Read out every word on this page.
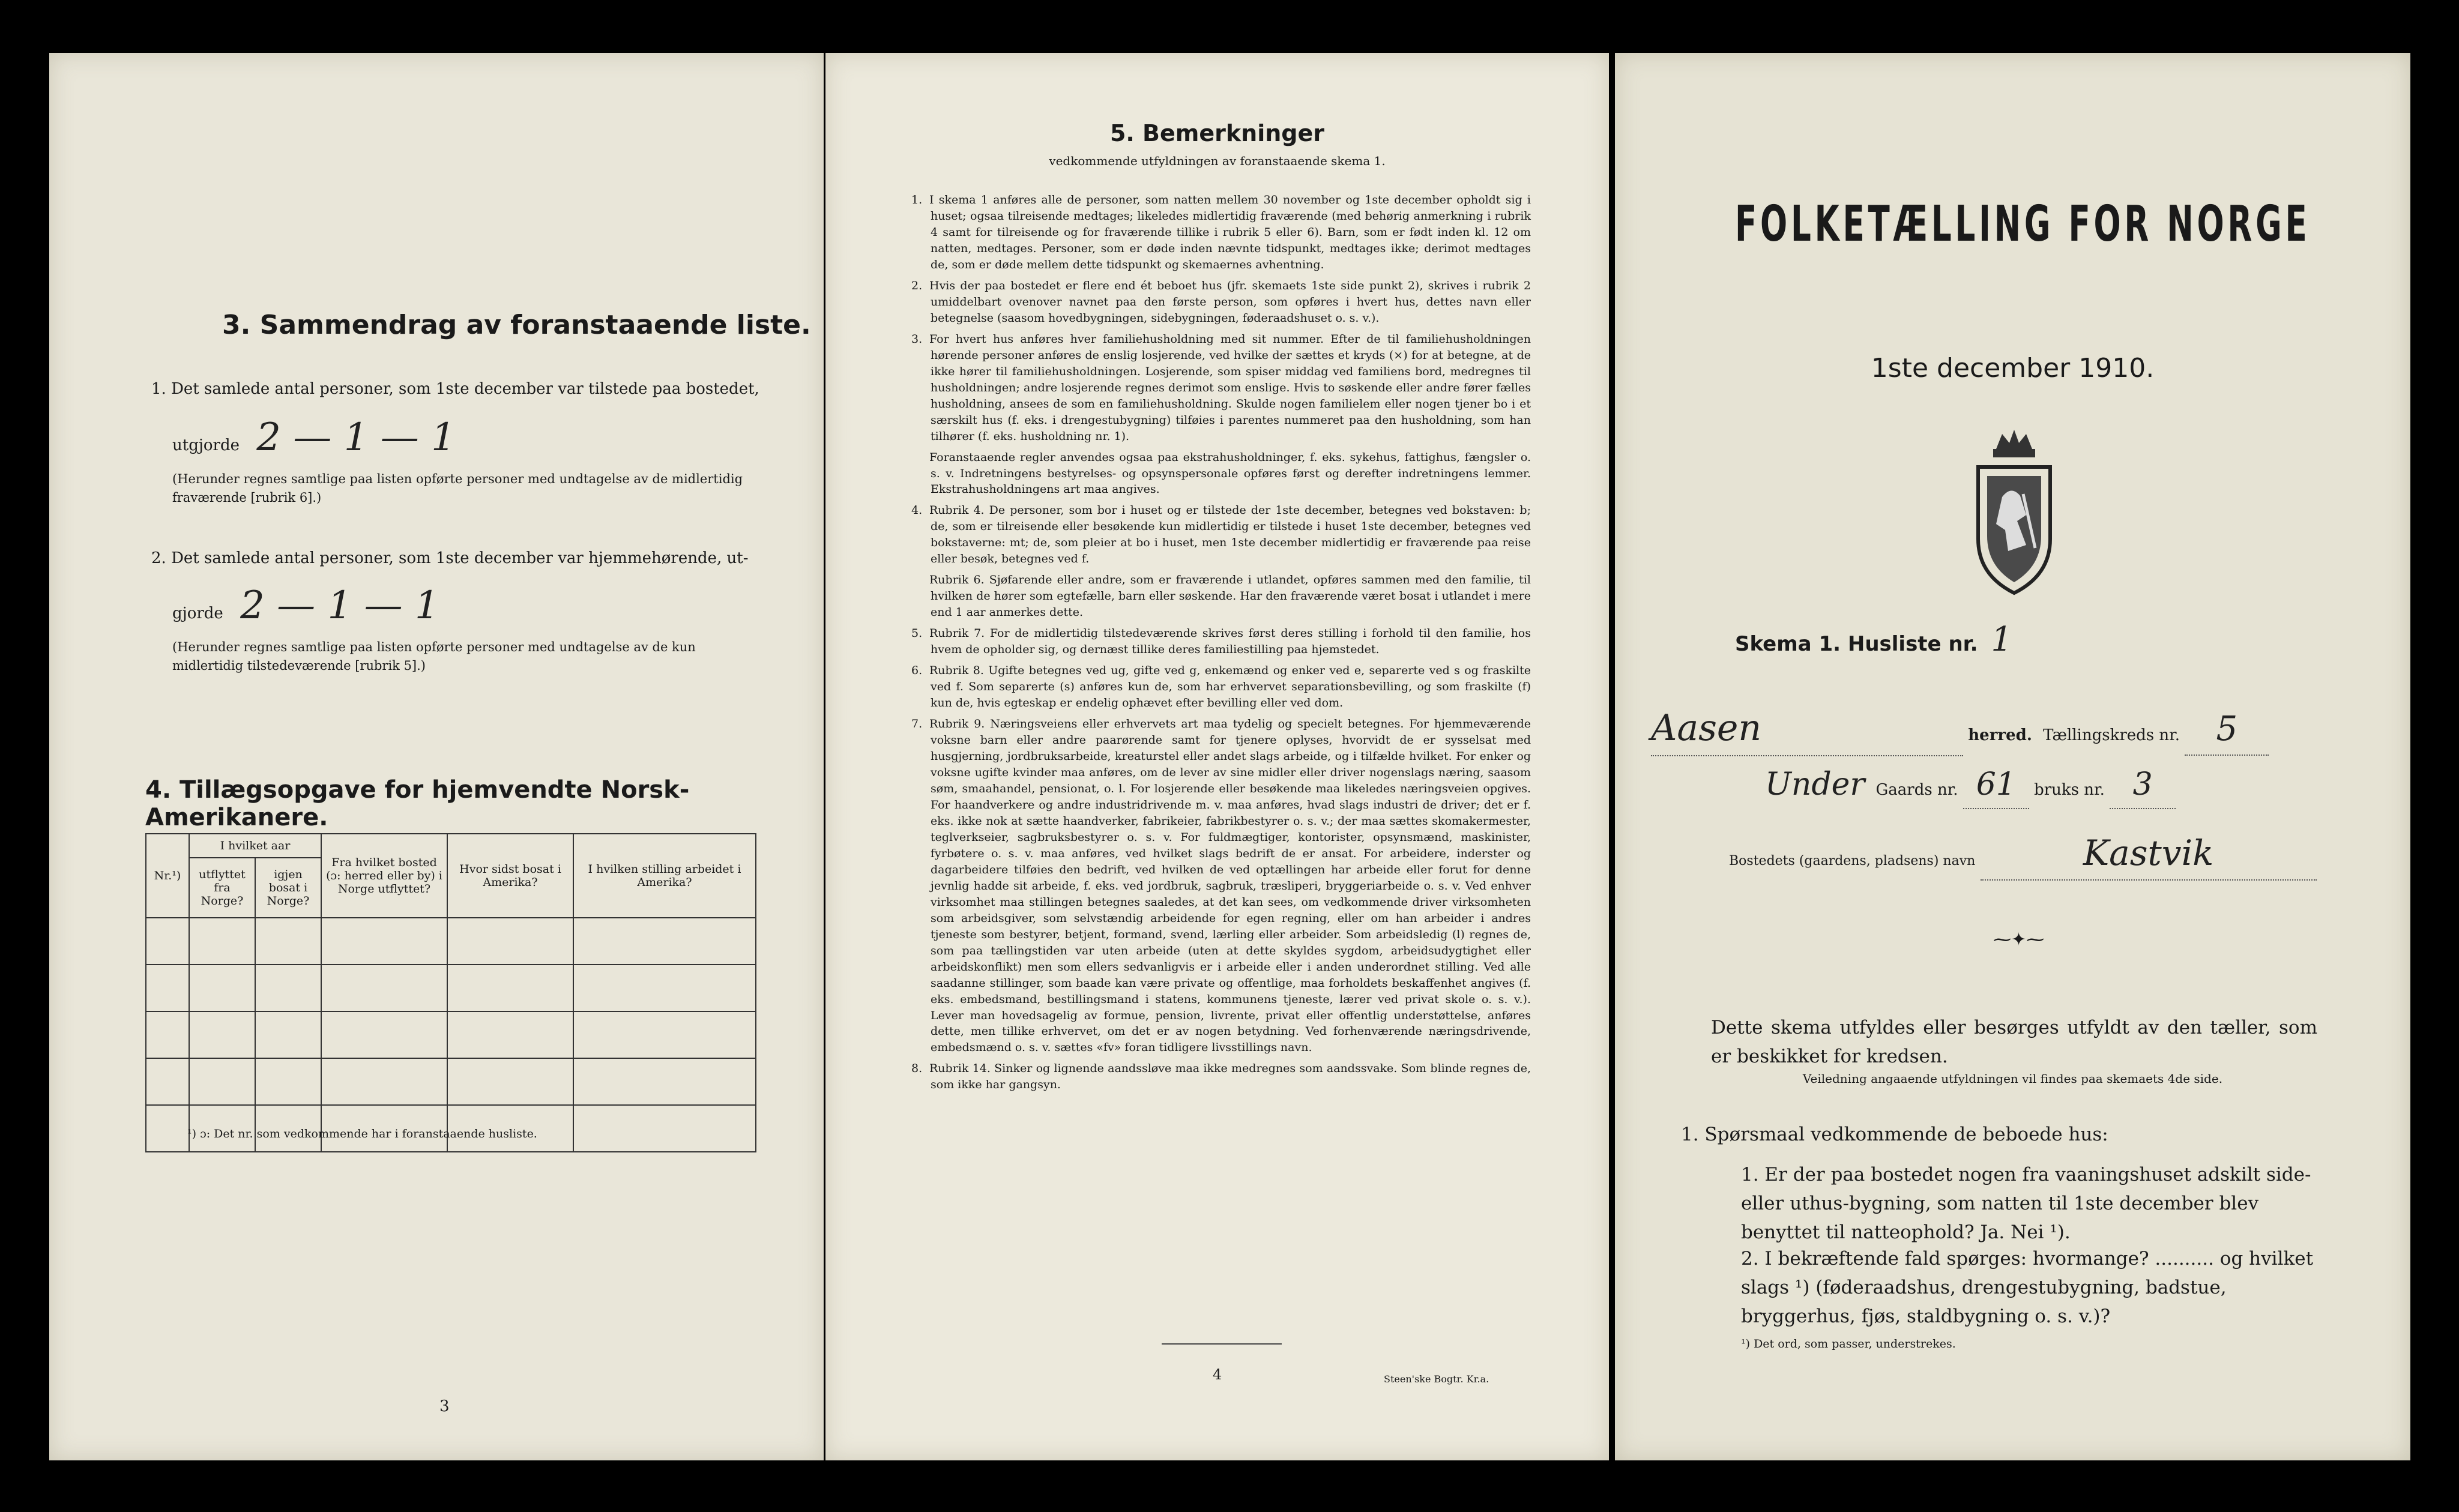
3. Sammendrag av foranstaaende liste.
1. Det samlede antal personer, som 1ste december var tilstede paa bostedet,
utgjorde 2 — 1 — 1
(Herunder regnes samtlige paa listen opførte personer med undtagelse av de midlertidig fraværende [rubrik 6].)
2. Det samlede antal personer, som 1ste december var hjemmehørende, ut-
gjorde 2 — 1 — 1
(Herunder regnes samtlige paa listen opførte personer med undtagelse av de kun midlertidig tilstedeværende [rubrik 5].)
4. Tillægsopgave for hjemvendte Norsk-Amerikanere.
Nr.¹)	I hvilket aar		Fra hvilket bosted (ɔ: herred eller by) i Norge utflyttet?	Hvor sidst bosat i Amerika?	I hvilken stilling arbeidet i Amerika?
	utflyttet fra Norge?	igjen bosat i Norge?			

¹) ɔ: Det nr. som vedkommende har i foranstaaende husliste.
3
5. Bemerkninger
vedkommende utfyldningen av foranstaaende skema 1.

1. I skema 1 anføres alle de personer, som natten mellem 30 november og 1ste december opholdt sig i huset; ogsaa tilreisende medtages; likeledes midlertidig fraværende (med behørig anmerkning i rubrik 4 samt for tilreisende og for fraværende tillike i rubrik 5 eller 6). Barn, som er født inden kl. 12 om natten, medtages. Personer, som er døde inden nævnte tidspunkt, medtages ikke; derimot medtages de, som er døde mellem dette tidspunkt og skemaernes avhentning.

2. Hvis der paa bostedet er flere end ét beboet hus (jfr. skemaets 1ste side punkt 2), skrives i rubrik 2 umiddelbart ovenover navnet paa den første person, som opføres i hvert hus, dettes navn eller betegnelse (saasom hovedbygningen, sidebygningen, føderaadshuset o. s. v.).

3. For hvert hus anføres hver familiehusholdning med sit nummer. Efter de til familiehusholdningen hørende personer anføres de enslig losjerende, ved hvilke der sættes et kryds (×) for at betegne, at de ikke hører til familiehusholdningen. Losjerende, som spiser middag ved familiens bord, medregnes til husholdningen; andre losjerende regnes derimot som enslige. Hvis to søskende eller andre fører fælles husholdning, ansees de som en familiehusholdning. Skulde nogen familielem eller nogen tjener bo i et særskilt hus (f. eks. i drengestubygning) tilføies i parentes nummeret paa den husholdning, som han tilhører (f. eks. husholdning nr. 1).

Foranstaaende regler anvendes ogsaa paa ekstrahusholdninger, f. eks. sykehus, fattighus, fængsler o. s. v. Indretningens bestyrelses- og opsynspersonale opføres først og derefter indretningens lemmer. Ekstrahusholdningens art maa angives.

4. Rubrik 4. De personer, som bor i huset og er tilstede der 1ste december, betegnes ved bokstaven: b; de, som er tilreisende eller besøkende kun midlertidig er tilstede i huset 1ste december, betegnes ved bokstaverne: mt; de, som pleier at bo i huset, men 1ste december midlertidig er fraværende paa reise eller besøk, betegnes ved f.

Rubrik 6. Sjøfarende eller andre, som er fraværende i utlandet, opføres sammen med den familie, til hvilken de hører som egtefælle, barn eller søskende. Har den fraværende været bosat i utlandet i mere end 1 aar anmerkes dette.

5. Rubrik 7. For de midlertidig tilstedeværende skrives først deres stilling i forhold til den familie, hos hvem de opholder sig, og dernæst tillike deres familiestilling paa hjemstedet.

6. Rubrik 8. Ugifte betegnes ved ug, gifte ved g, enkemænd og enker ved e, separerte ved s og fraskilte ved f. Som separerte (s) anføres kun de, som har erhvervet separationsbevilling, og som fraskilte (f) kun de, hvis egteskap er endelig ophævet efter bevilling eller ved dom.

7. Rubrik 9. Næringsveiens eller erhvervets art maa tydelig og specielt betegnes. For hjemmeværende voksne barn eller andre paarørende samt for tjenere oplyses, hvorvidt de er sysselsat med husgjerning, jordbruksarbeide, kreaturstel eller andet slags arbeide, og i tilfælde hvilket. For enker og voksne ugifte kvinder maa anføres, om de lever av sine midler eller driver nogenslags næring, saasom søm, smaahandel, pensionat, o. l. For losjerende eller besøkende maa likeledes næringsveien opgives. For haandverkere og andre industridrivende m. v. maa anføres, hvad slags industri de driver; det er f. eks. ikke nok at sætte haandverker, fabrikeier, fabrikbestyrer o. s. v.; der maa sættes skomakermester, teglverkseier, sagbruksbestyrer o. s. v. For fuldmægtiger, kontorister, opsynsmænd, maskinister, fyrbøtere o. s. v. maa anføres, ved hvilket slags bedrift de er ansat. For arbeidere, inderster og dagarbeidere tilføies den bedrift, ved hvilken de ved optællingen har arbeide eller forut for denne jevnlig hadde sit arbeide, f. eks. ved jordbruk, sagbruk, træsliperi, bryggeriarbeide o. s. v. Ved enhver virksomhet maa stillingen betegnes saaledes, at det kan sees, om vedkommende driver virksomheten som arbeidsgiver, som selvstændig arbeidende for egen regning, eller om han arbeider i andres tjeneste som bestyrer, betjent, formand, svend, lærling eller arbeider. Som arbeidsledig (l) regnes de, som paa tællingstiden var uten arbeide (uten at dette skyldes sygdom, arbeidsudygtighet eller arbeidskonflikt) men som ellers sedvanligvis er i arbeide eller i anden underordnet stilling. Ved alle saadanne stillinger, som baade kan være private og offentlige, maa forholdets beskaffenhet angives (f. eks. embedsmand, bestillingsmand i statens, kommunens tjeneste, lærer ved privat skole o. s. v.). Lever man hovedsagelig av formue, pension, livrente, privat eller offentlig understøttelse, anføres dette, men tillike erhvervet, om det er av nogen betydning. Ved forhenværende næringsdrivende, embedsmænd o. s. v. sættes «fv» foran tidligere livsstillings navn.

8. Rubrik 14. Sinker og lignende aandssløve maa ikke medregnes som aandssvake. Som blinde regnes de, som ikke har gangsyn.

4	Steen'ske Bogtr. Kr.a.
FOLKETÆLLING FOR NORGE
1ste december 1910.
Skema 1. Husliste nr. 1
Aasen	herred. Tællingskreds nr. 5
Under Gaards nr. 61 bruks nr. 3
Bostedets (gaardens, pladsens) navn	Kastvik
⁓✦⁓
Dette skema utfyldes eller besørges utfyldt av den tæller, som er beskikket for kredsen.
Veiledning angaaende utfyldningen vil findes paa skemaets 4de side.
1. Spørsmaal vedkommende de beboede hus:
1. Er der paa bostedet nogen fra vaaningshuset adskilt side- eller uthus-bygning, som natten til 1ste december blev benyttet til natteophold? Ja. Nei ¹).
2. I bekræftende fald spørges: hvormange? .......... og hvilket slags ¹) (føderaadshus, drengestubygning, badstue, bryggerhus, fjøs, staldbygning o. s. v.)?
¹) Det ord, som passer, understrekes.
